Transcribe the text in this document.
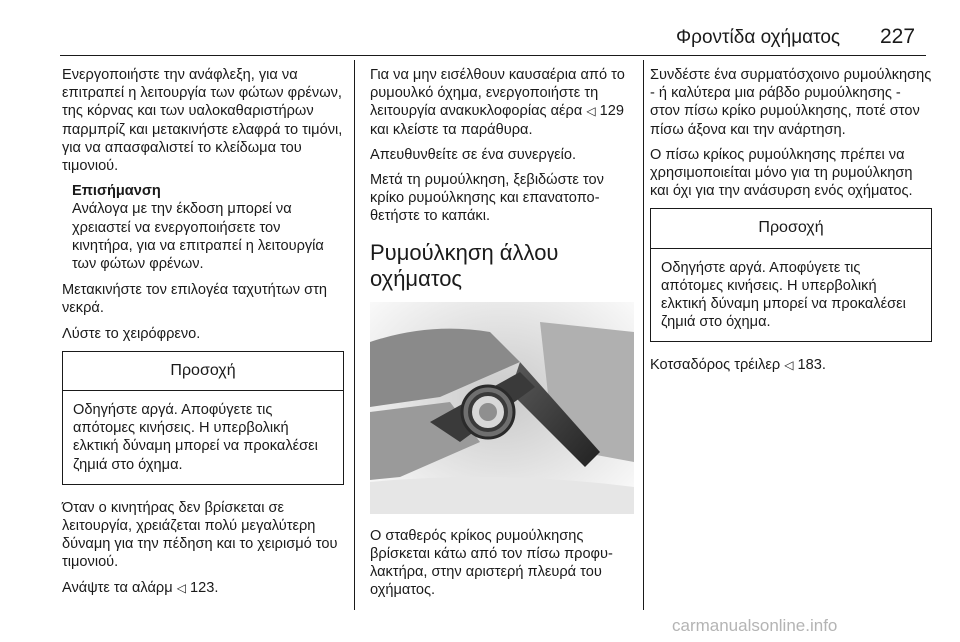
Φροντίδα οχήματος 227

Ενεργοποιήστε την ανάφλεξη, για να επιτραπεί η λειτουργία των φώτων φρένων, της κόρνας και των υαλοκαθαριστήρων παρμπρίζ και μετακινήστε ελαφρά το τιμόνι, για να απασφαλιστεί το κλείδωμα του τιμονιού.

Επισήμανση
Ανάλογα με την έκδοση μπορεί να χρειαστεί να ενεργοποιήσετε τον κινητήρα, για να επιτραπεί η λειτουργία των φώτων φρένων.

Μετακινήστε τον επιλογέα ταχυτήτων στη νεκρά.

Λύστε το χειρόφρενο.

Προσοχή
Οδηγήστε αργά. Αποφύγετε τις απότομες κινήσεις. Η υπερβολική ελκτική δύναμη μπορεί να προκαλέσει ζημιά στο όχημα.

Όταν ο κινητήρας δεν βρίσκεται σε λειτουργία, χρειάζεται πολύ μεγαλύτερη δύναμη για την πέδηση και το χειρισμό του τιμονιού.

Ανάψτε τα αλάρμ ◁ 123.

Για να μην εισέλθουν καυσαέρια από το ρυμουλκό όχημα, ενεργοποιήστε τη λειτουργία ανακυκλοφορίας αέρα ◁ 129 και κλείστε τα παράθυρα.

Απευθυνθείτε σε ένα συνεργείο.

Μετά τη ρυμούλκηση, ξεβιδώστε τον κρίκο ρυμούλκησης και επανατοποθετήστε το καπάκι.

Ρυμούλκηση άλλου οχήματος

Ο σταθερός κρίκος ρυμούλκησης βρίσκεται κάτω από τον πίσω προφυλακτήρα, στην αριστερή πλευρά του οχήματος.

Συνδέστε ένα συρματόσχοινο ρυμούλκησης - ή καλύτερα μια ράβδο ρυμούλκησης - στον πίσω κρίκο ρυμούλκησης, ποτέ στον πίσω άξονα και την ανάρτηση.

Ο πίσω κρίκος ρυμούλκησης πρέπει να χρησιμοποιείται μόνο για τη ρυμούλκηση και όχι για την ανάσυρση ενός οχήματος.

Προσοχή
Οδηγήστε αργά. Αποφύγετε τις απότομες κινήσεις. Η υπερβολική ελκτική δύναμη μπορεί να προκαλέσει ζημιά στο όχημα.

Κοτσαδόρος τρέιλερ ◁ 183.

carmanualsonline.info
